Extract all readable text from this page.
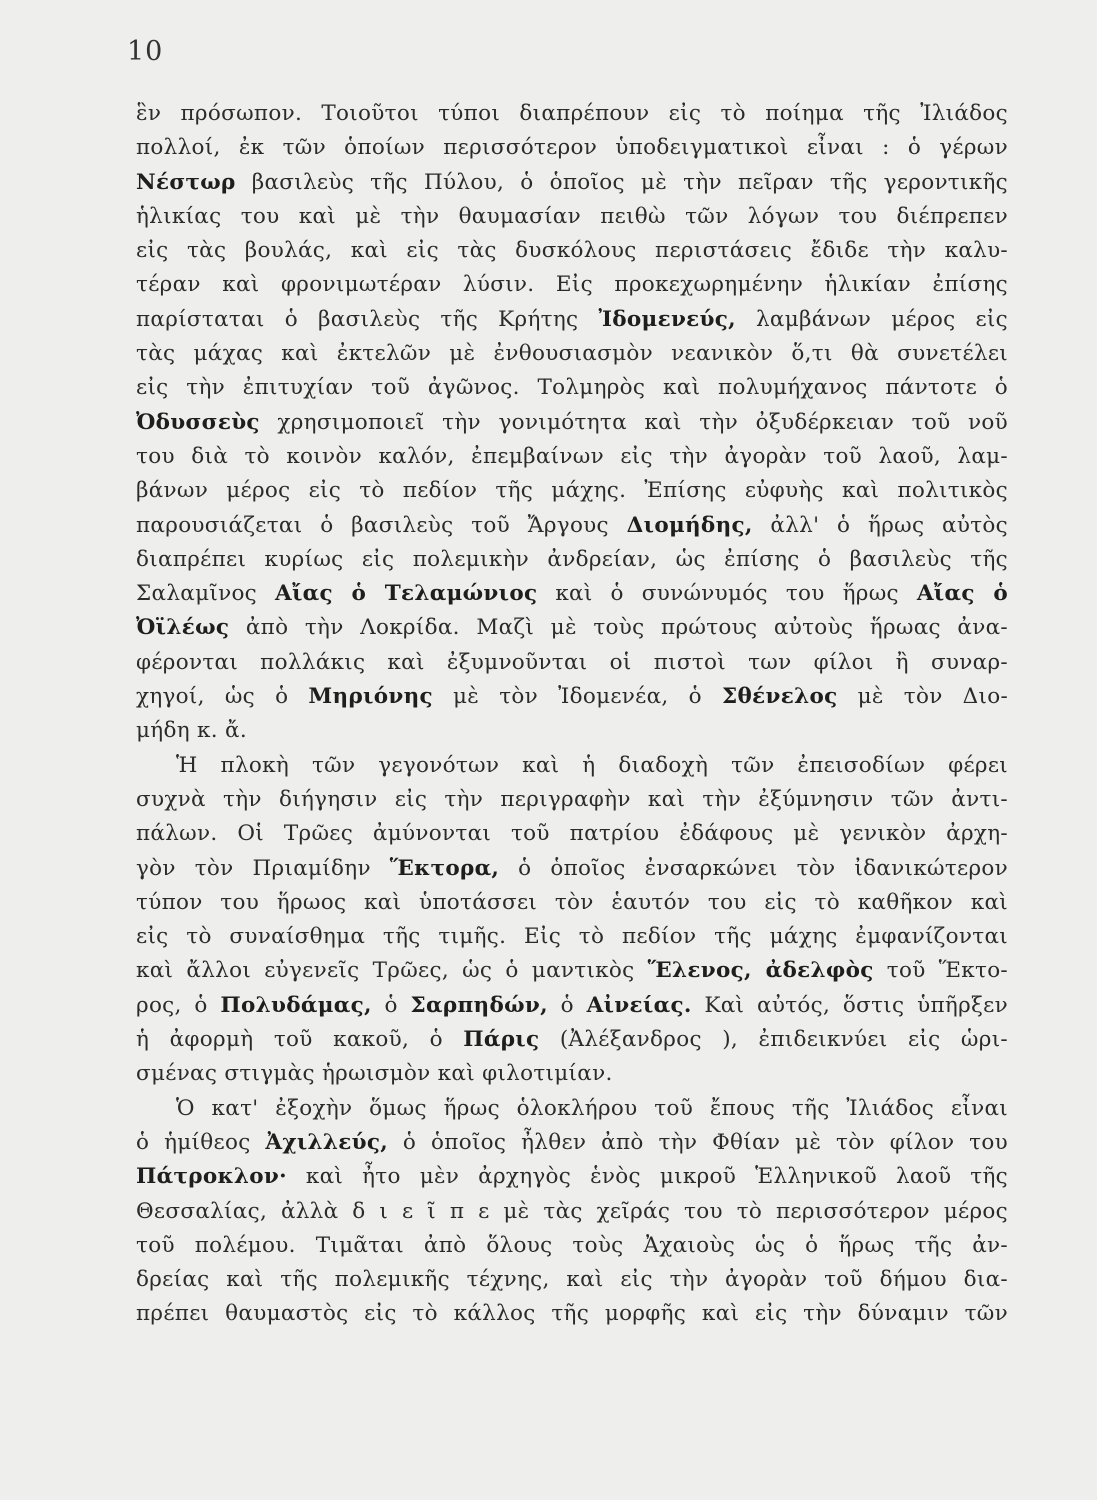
10
ἓν πρόσωπον. Τοιοῦτοι τύποι διαπρέπουν εἰς τὸ ποίημα τῆς Ἰλιάδος
πολλοί, ἐκ τῶν ὁποίων περισσότερον ὑποδειγματικοὶ εἶναι : ὁ γέρων
Νέστωρ βασιλεὺς τῆς Πύλου, ὁ ὁποῖος μὲ τὴν πεῖραν τῆς γεροντικῆς
ἡλικίας του καὶ μὲ τὴν θαυμασίαν πειθὼ τῶν λόγων του διέπρεπεν
εἰς τὰς βουλάς, καὶ εἰς τὰς δυσκόλους περιστάσεις ἔδιδε τὴν καλυ-
τέραν καὶ φρονιμωτέραν λύσιν. Εἰς προκεχωρημένην ἡλικίαν ἐπίσης
παρίσταται ὁ βασιλεὺς τῆς Κρήτης Ἰδομενεύς, λαμβάνων μέρος εἰς
τὰς μάχας καὶ ἐκτελῶν μὲ ἐνθουσιασμὸν νεανικὸν ὅ,τι θὰ συνετέλει
εἰς τὴν ἐπιτυχίαν τοῦ ἀγῶνος. Τολμηρὸς καὶ πολυμήχανος πάντοτε ὁ
Ὀδυσσεὺς χρησιμοποιεῖ τὴν γονιμότητα καὶ τὴν ὀξυδέρκειαν τοῦ νοῦ
του διὰ τὸ κοινὸν καλόν, ἐπεμβαίνων εἰς τὴν ἀγορὰν τοῦ λαοῦ, λαμ-
βάνων μέρος εἰς τὸ πεδίον τῆς μάχης. Ἐπίσης εὐφυὴς καὶ πολιτικὸς
παρουσιάζεται ὁ βασιλεὺς τοῦ Ἄργους Διομήδης, ἀλλ' ὁ ἥρως αὐτὸς
διαπρέπει κυρίως εἰς πολεμικὴν ἀνδρείαν, ὡς ἐπίσης ὁ βασιλεὺς τῆς
Σαλαμῖνος Αἴας ὁ Τελαμώνιος καὶ ὁ συνώνυμός του ἥρως Αἴας ὁ
Ὀϊλέως ἀπὸ τὴν Λοκρίδα. Μαζὶ μὲ τοὺς πρώτους αὐτοὺς ἥρωας ἀνα-
φέρονται πολλάκις καὶ ἐξυμνοῦνται οἱ πιστοὶ των φίλοι ἢ συναρ-
χηγοί, ὡς ὁ Μηριόνης μὲ τὸν Ἰδομενέα, ὁ Σθένελος μὲ τὸν Διο-
μήδη κ. ἄ.
Ἡ πλοκὴ τῶν γεγονότων καὶ ἡ διαδοχὴ τῶν ἐπεισοδίων φέρει
συχνὰ τὴν διήγησιν εἰς τὴν περιγραφὴν καὶ τὴν ἐξύμνησιν τῶν ἀντι-
πάλων. Οἱ Τρῶες ἀμύνονται τοῦ πατρίου ἐδάφους μὲ γενικὸν ἀρχη-
γὸν τὸν Πριαμίδην Ἕκτορα, ὁ ὁποῖος ἐνσαρκώνει τὸν ἰδανικώτερον
τύπον του ἥρωος καὶ ὑποτάσσει τὸν ἑαυτόν του εἰς τὸ καθῆκον καὶ
εἰς τὸ συναίσθημα τῆς τιμῆς. Εἰς τὸ πεδίον τῆς μάχης ἐμφανίζονται
καὶ ἄλλοι εὐγενεῖς Τρῶες, ὡς ὁ μαντικὸς Ἕλενος, ἀδελφὸς τοῦ Ἕκτο-
ρος, ὁ Πολυδάμας, ὁ Σαρπηδών, ὁ Αἰνείας. Καὶ αὐτός, ὅστις ὑπῆρξεν
ἡ ἀφορμὴ τοῦ κακοῦ, ὁ Πάρις (Ἀλέξανδρος ), ἐπιδεικνύει εἰς ὡρι-
σμένας στιγμὰς ἡρωισμὸν καὶ φιλοτιμίαν.
Ὁ κατ' ἐξοχὴν ὅμως ἥρως ὁλοκλήρου τοῦ ἔπους τῆς Ἰλιάδος εἶναι
ὁ ἡμίθεος Ἀχιλλεύς, ὁ ὁποῖος ἦλθεν ἀπὸ τὴν Φθίαν μὲ τὸν φίλον του
Πάτροκλον· καὶ ἦτο μὲν ἀρχηγὸς ἑνὸς μικροῦ Ἑλληνικοῦ λαοῦ τῆς
Θεσσαλίας, ἀλλὰ δ ι ε ῖ π ε μὲ τὰς χεῖράς του τὸ περισσότερον μέρος
τοῦ πολέμου. Τιμᾶται ἀπὸ ὅλους τοὺς Ἀχαιοὺς ὡς ὁ ἥρως τῆς ἀν-
δρείας καὶ τῆς πολεμικῆς τέχνης, καὶ εἰς τὴν ἀγορὰν τοῦ δήμου δια-
πρέπει θαυμαστὸς εἰς τὸ κάλλος τῆς μορφῆς καὶ εἰς τὴν δύναμιν τῶν
